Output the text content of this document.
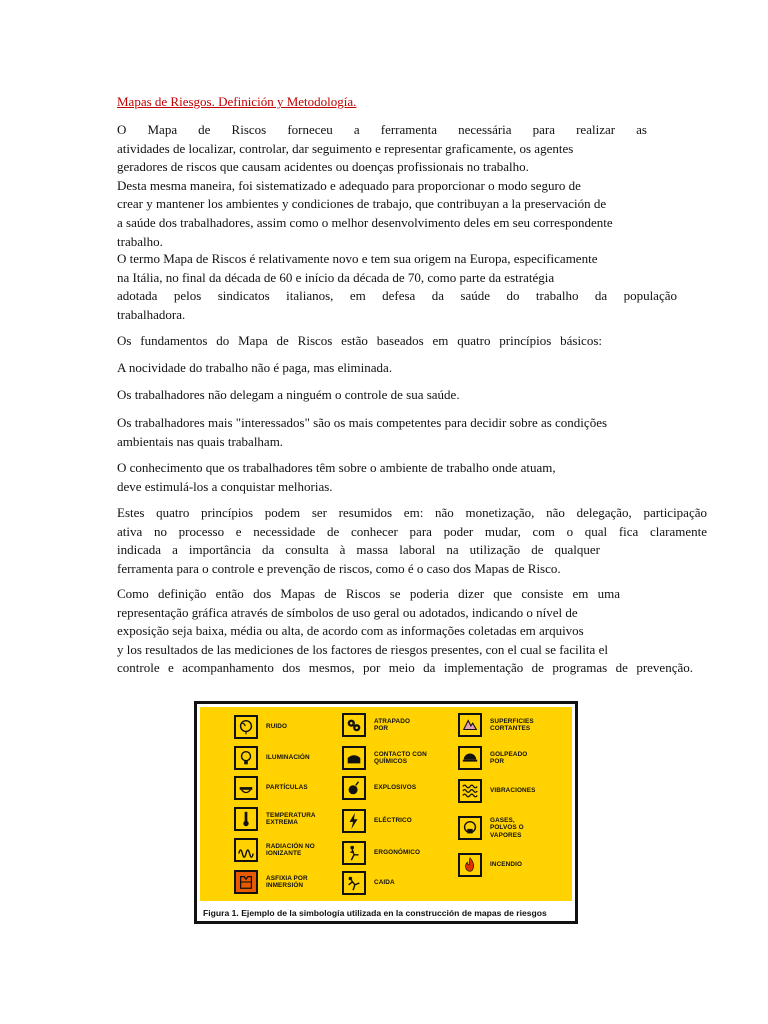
Mapas de Riesgos. Definición y Metodología.
O Mapa de Riscos forneceu a ferramenta necessária para realizar as
atividades de localizar, controlar, dar seguimento e representar graficamente, os agentes
geradores de riscos que causam acidentes ou doenças profissionais no trabalho.
Desta mesma maneira, foi sistematizado e adequado para proporcionar o modo seguro de
crear y mantener los ambientes y condiciones de trabajo, que contribuyan a la preservación de
a saúde dos trabalhadores, assim como o melhor desenvolvimento deles em seu correspondente
trabalho.
O termo Mapa de Riscos é relativamente novo e tem sua origem na Europa, especificamente
na Itália, no final da década de 60 e início da década de 70, como parte da estratégia
adotada pelos sindicatos italianos, em defesa da saúde do trabalho da população
trabalhadora.
Os fundamentos do Mapa de Riscos estão baseados em quatro princípios básicos:
A nocividade do trabalho não é paga, mas eliminada.
Os trabalhadores não delegam a ninguém o controle de sua saúde.
Os trabalhadores mais "interessados" são os mais competentes para decidir sobre as condições
ambientais nas quais trabalham.
O conhecimento que os trabalhadores têm sobre o ambiente de trabalho onde atuam,
deve estimulá-los a conquistar melhorias.
Estes quatro princípios podem ser resumidos em: não monetização, não delegação, participação
ativa no processo e necessidade de conhecer para poder mudar, com o qual fica claramente
indicada a importância da consulta à massa laboral na utilização de qualquer
ferramenta para o controle e prevenção de riscos, como é o caso dos Mapas de Risco.
Como definição então dos Mapas de Riscos se poderia dizer que consiste em uma
representação gráfica através de símbolos de uso geral ou adotados, indicando o nível de
exposição seja baixa, média ou alta, de acordo com as informações coletadas em arquivos
y los resultados de las mediciones de los factores de riesgos presentes, con el cual se facilita el
controle e acompanhamento dos mesmos, por meio da implementação de programas de prevenção.
RUIDO
ILUMINACIÓN
PARTÍCULAS
TEMPERATURA
EXTREMA
RADIACIÓN NO
IONIZANTE
ASFIXIA POR
INMERSIÓN
ATRAPADO
POR
CONTACTO CON
QUÍMICOS
EXPLOSIVOS
ELÉCTRICO
ERGONÓMICO
CAIDA
SUPERFICIES
CORTANTES
GOLPEADO
POR
VIBRACIONES
GASES,
POLVOS O
VAPORES
INCENDIO

Figura 1. Ejemplo de la simbología utilizada en la construcción de mapas de riesgos
